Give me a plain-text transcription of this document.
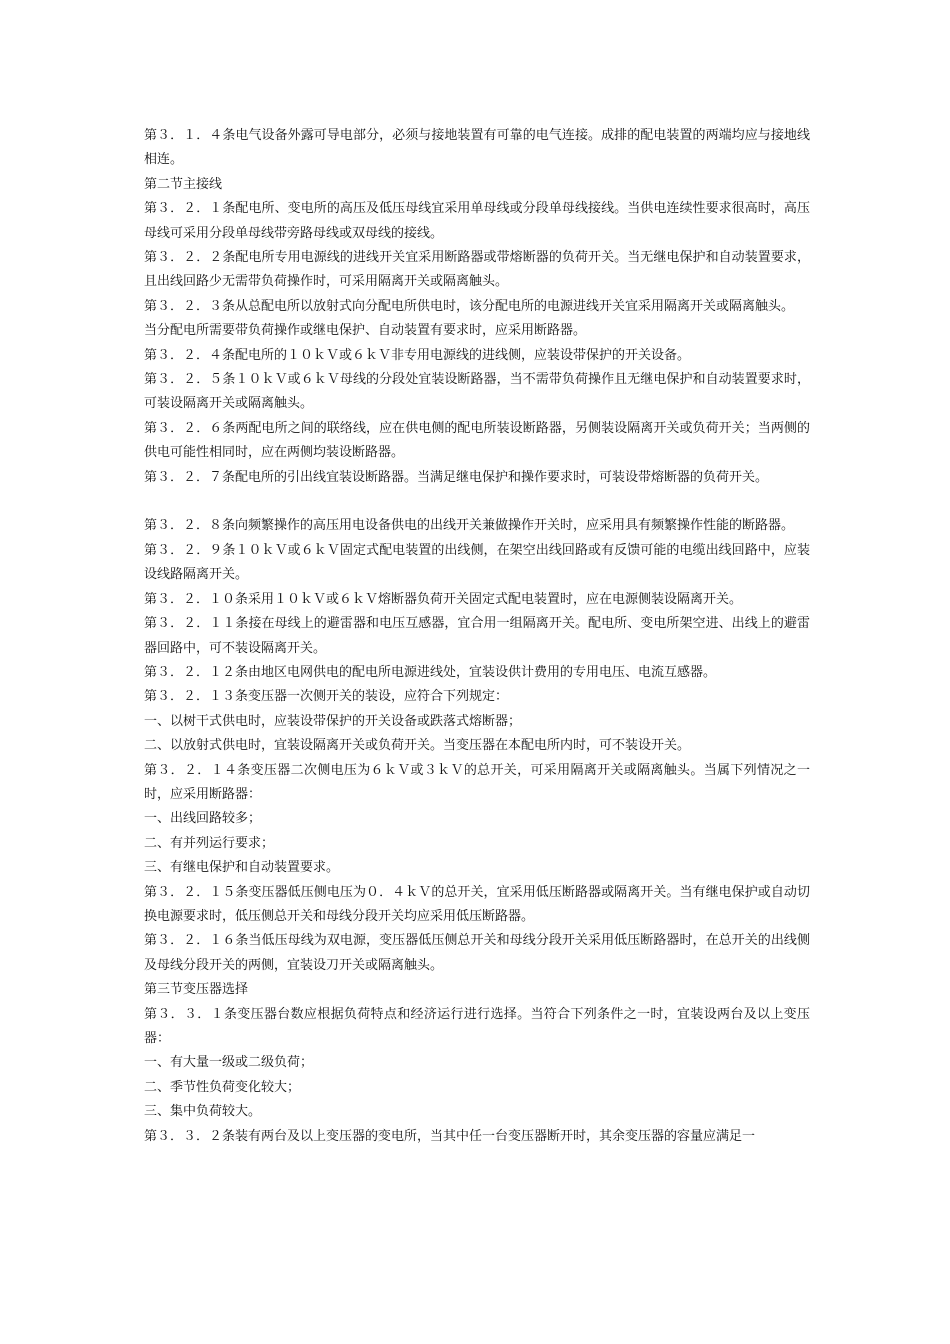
第３．１．４条电气设备外露可导电部分，必须与接地装置有可靠的电气连接。成排的配电装置的两端均应与接地线相连。

第二节主接线

第３．２．１条配电所、变电所的高压及低压母线宜采用单母线或分段单母线接线。当供电连续性要求很高时，高压母线可采用分段单母线带旁路母线或双母线的接线。

第３．２．２条配电所专用电源线的进线开关宜采用断路器或带熔断器的负荷开关。当无继电保护和自动装置要求，且出线回路少无需带负荷操作时，可采用隔离开关或隔离触头。

第３．２．３条从总配电所以放射式向分配电所供电时，该分配电所的电源进线开关宜采用隔离开关或隔离触头。

当分配电所需要带负荷操作或继电保护、自动装置有要求时，应采用断路器。

第３．２．４条配电所的１０ｋＶ或６ｋＶ非专用电源线的进线侧，应装设带保护的开关设备。

第３．２．５条１０ｋＶ或６ｋＶ母线的分段处宜装设断路器，当不需带负荷操作且无继电保护和自动装置要求时，可装设隔离开关或隔离触头。

第３．２．６条两配电所之间的联络线，应在供电侧的配电所装设断路器，另侧装设隔离开关或负荷开关；当两侧的供电可能性相同时，应在两侧均装设断路器。

第３．２．７条配电所的引出线宜装设断路器。当满足继电保护和操作要求时，可装设带熔断器的负荷开关。

第３．２．８条向频繁操作的高压用电设备供电的出线开关兼做操作开关时，应采用具有频繁操作性能的断路器。

第３．２．９条１０ｋＶ或６ｋＶ固定式配电装置的出线侧，在架空出线回路或有反馈可能的电缆出线回路中，应装设线路隔离开关。

第３．２．１０条采用１０ｋＶ或６ｋＶ熔断器负荷开关固定式配电装置时，应在电源侧装设隔离开关。

第３．２．１１条接在母线上的避雷器和电压互感器，宜合用一组隔离开关。配电所、变电所架空进、出线上的避雷器回路中，可不装设隔离开关。

第３．２．１２条由地区电网供电的配电所电源进线处，宜装设供计费用的专用电压、电流互感器。

第３．２．１３条变压器一次侧开关的装设，应符合下列规定：

一、以树干式供电时，应装设带保护的开关设备或跌落式熔断器；

二、以放射式供电时，宜装设隔离开关或负荷开关。当变压器在本配电所内时，可不装设开关。

第３．２．１４条变压器二次侧电压为６ｋＶ或３ｋＶ的总开关，可采用隔离开关或隔离触头。当属下列情况之一时，应采用断路器：

一、出线回路较多；

二、有并列运行要求；

三、有继电保护和自动装置要求。

第３．２．１５条变压器低压侧电压为０．４ｋＶ的总开关，宜采用低压断路器或隔离开关。当有继电保护或自动切换电源要求时，低压侧总开关和母线分段开关均应采用低压断路器。

第３．２．１６条当低压母线为双电源，变压器低压侧总开关和母线分段开关采用低压断路器时，在总开关的出线侧及母线分段开关的两侧，宜装设刀开关或隔离触头。

第三节变压器选择

第３．３．１条变压器台数应根据负荷特点和经济运行进行选择。当符合下列条件之一时，宜装设两台及以上变压器：

一、有大量一级或二级负荷；

二、季节性负荷变化较大；

三、集中负荷较大。

第３．３．２条装有两台及以上变压器的变电所，当其中任一台变压器断开时，其余变压器的容量应满足一
